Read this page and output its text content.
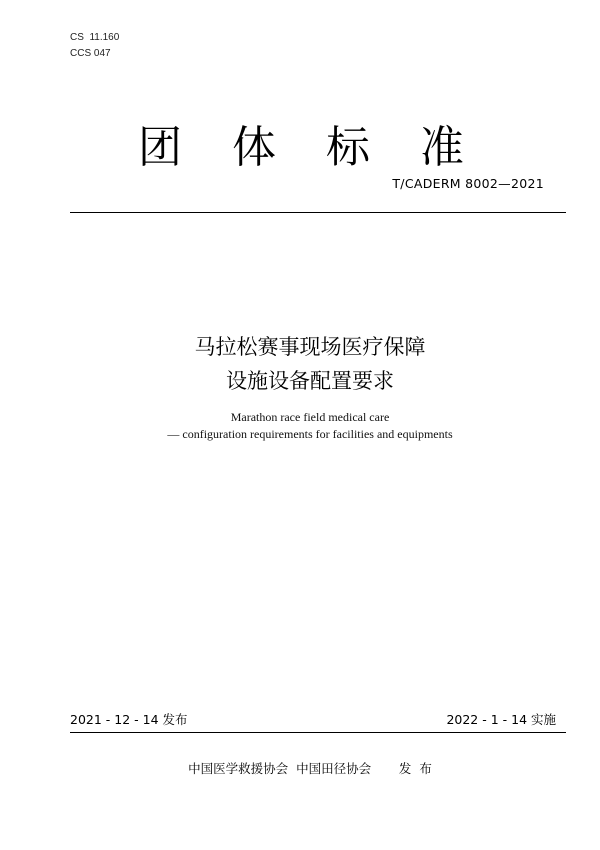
CS  11.160
CCS 047
团 体 标 准
T/CADERM 8002—2021
马拉松赛事现场医疗保障
设施设备配置要求
Marathon race field medical care
— configuration requirements for facilities and equipments
2021 - 12 - 14 发布	2022 - 1 - 14 实施
中国医学救援协会  中国田径协会       发  布
